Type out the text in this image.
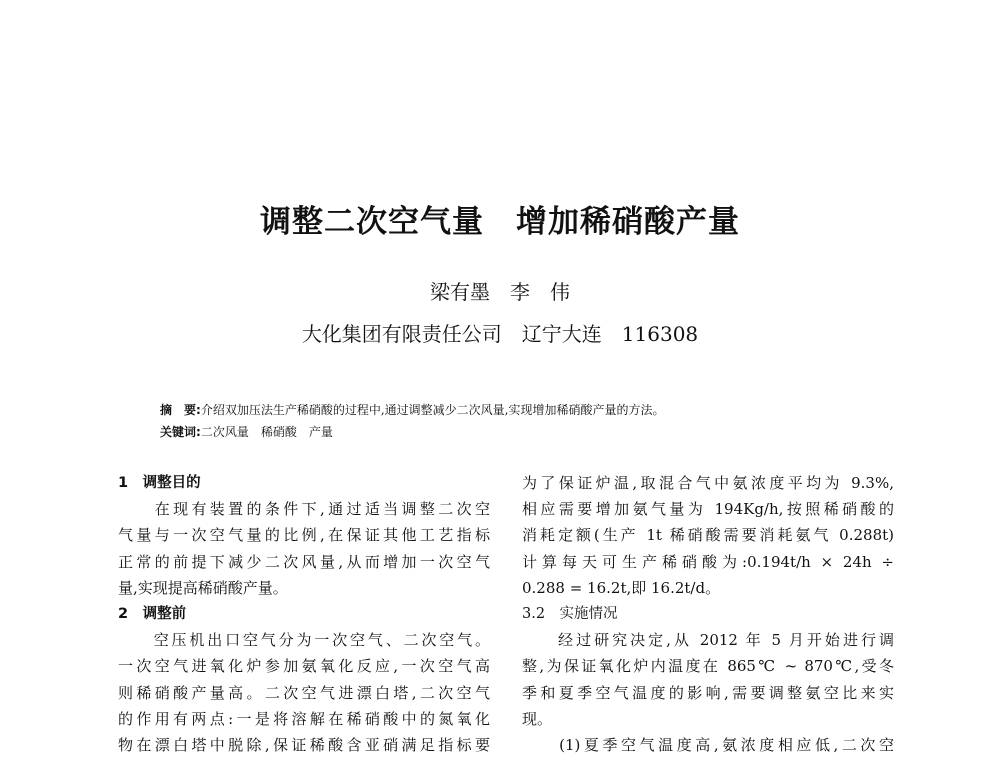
调整二次空气量　增加稀硝酸产量
梁有墨　李　伟
大化集团有限责任公司　辽宁大连　116308
摘　要:介绍双加压法生产稀硝酸的过程中,通过调整减少二次风量,实现增加稀硝酸产量的方法。
关键词:二次风量　稀硝酸　产量
1　调整目的
　　在现有装置的条件下,通过适当调整二次空
气量与一次空气量的比例,在保证其他工艺指标
正常的前提下减少二次风量,从而增加一次空气
量,实现提高稀硝酸产量。
2　调整前
　　空压机出口空气分为一次空气、二次空气。
一次空气进氧化炉参加氨氧化反应,一次空气高
则稀硝酸产量高。二次空气进漂白塔,二次空气
的作用有两点:一是将溶解在稀硝酸中的氮氧化
物在漂白塔中脱除,保证稀酸含亚硝满足指标要
为了保证炉温,取混合气中氨浓度平均为 9.3%,
相应需要增加氨气量为 194Kg/h,按照稀硝酸的
消耗定额(生产 1t 稀硝酸需要消耗氨气 0.288t)
计算每天可生产稀硝酸为:0.194t/h × 24h ÷
0.288 = 16.2t,即 16.2t/d。
3.2　实施情况
　　经过研究决定,从 2012 年 5 月开始进行调
整,为保证氧化炉内温度在 865℃ ~ 870℃,受冬
季和夏季空气温度的影响,需要调整氨空比来实
现。
　　(1)夏季空气温度高,氨浓度相应低,二次空
